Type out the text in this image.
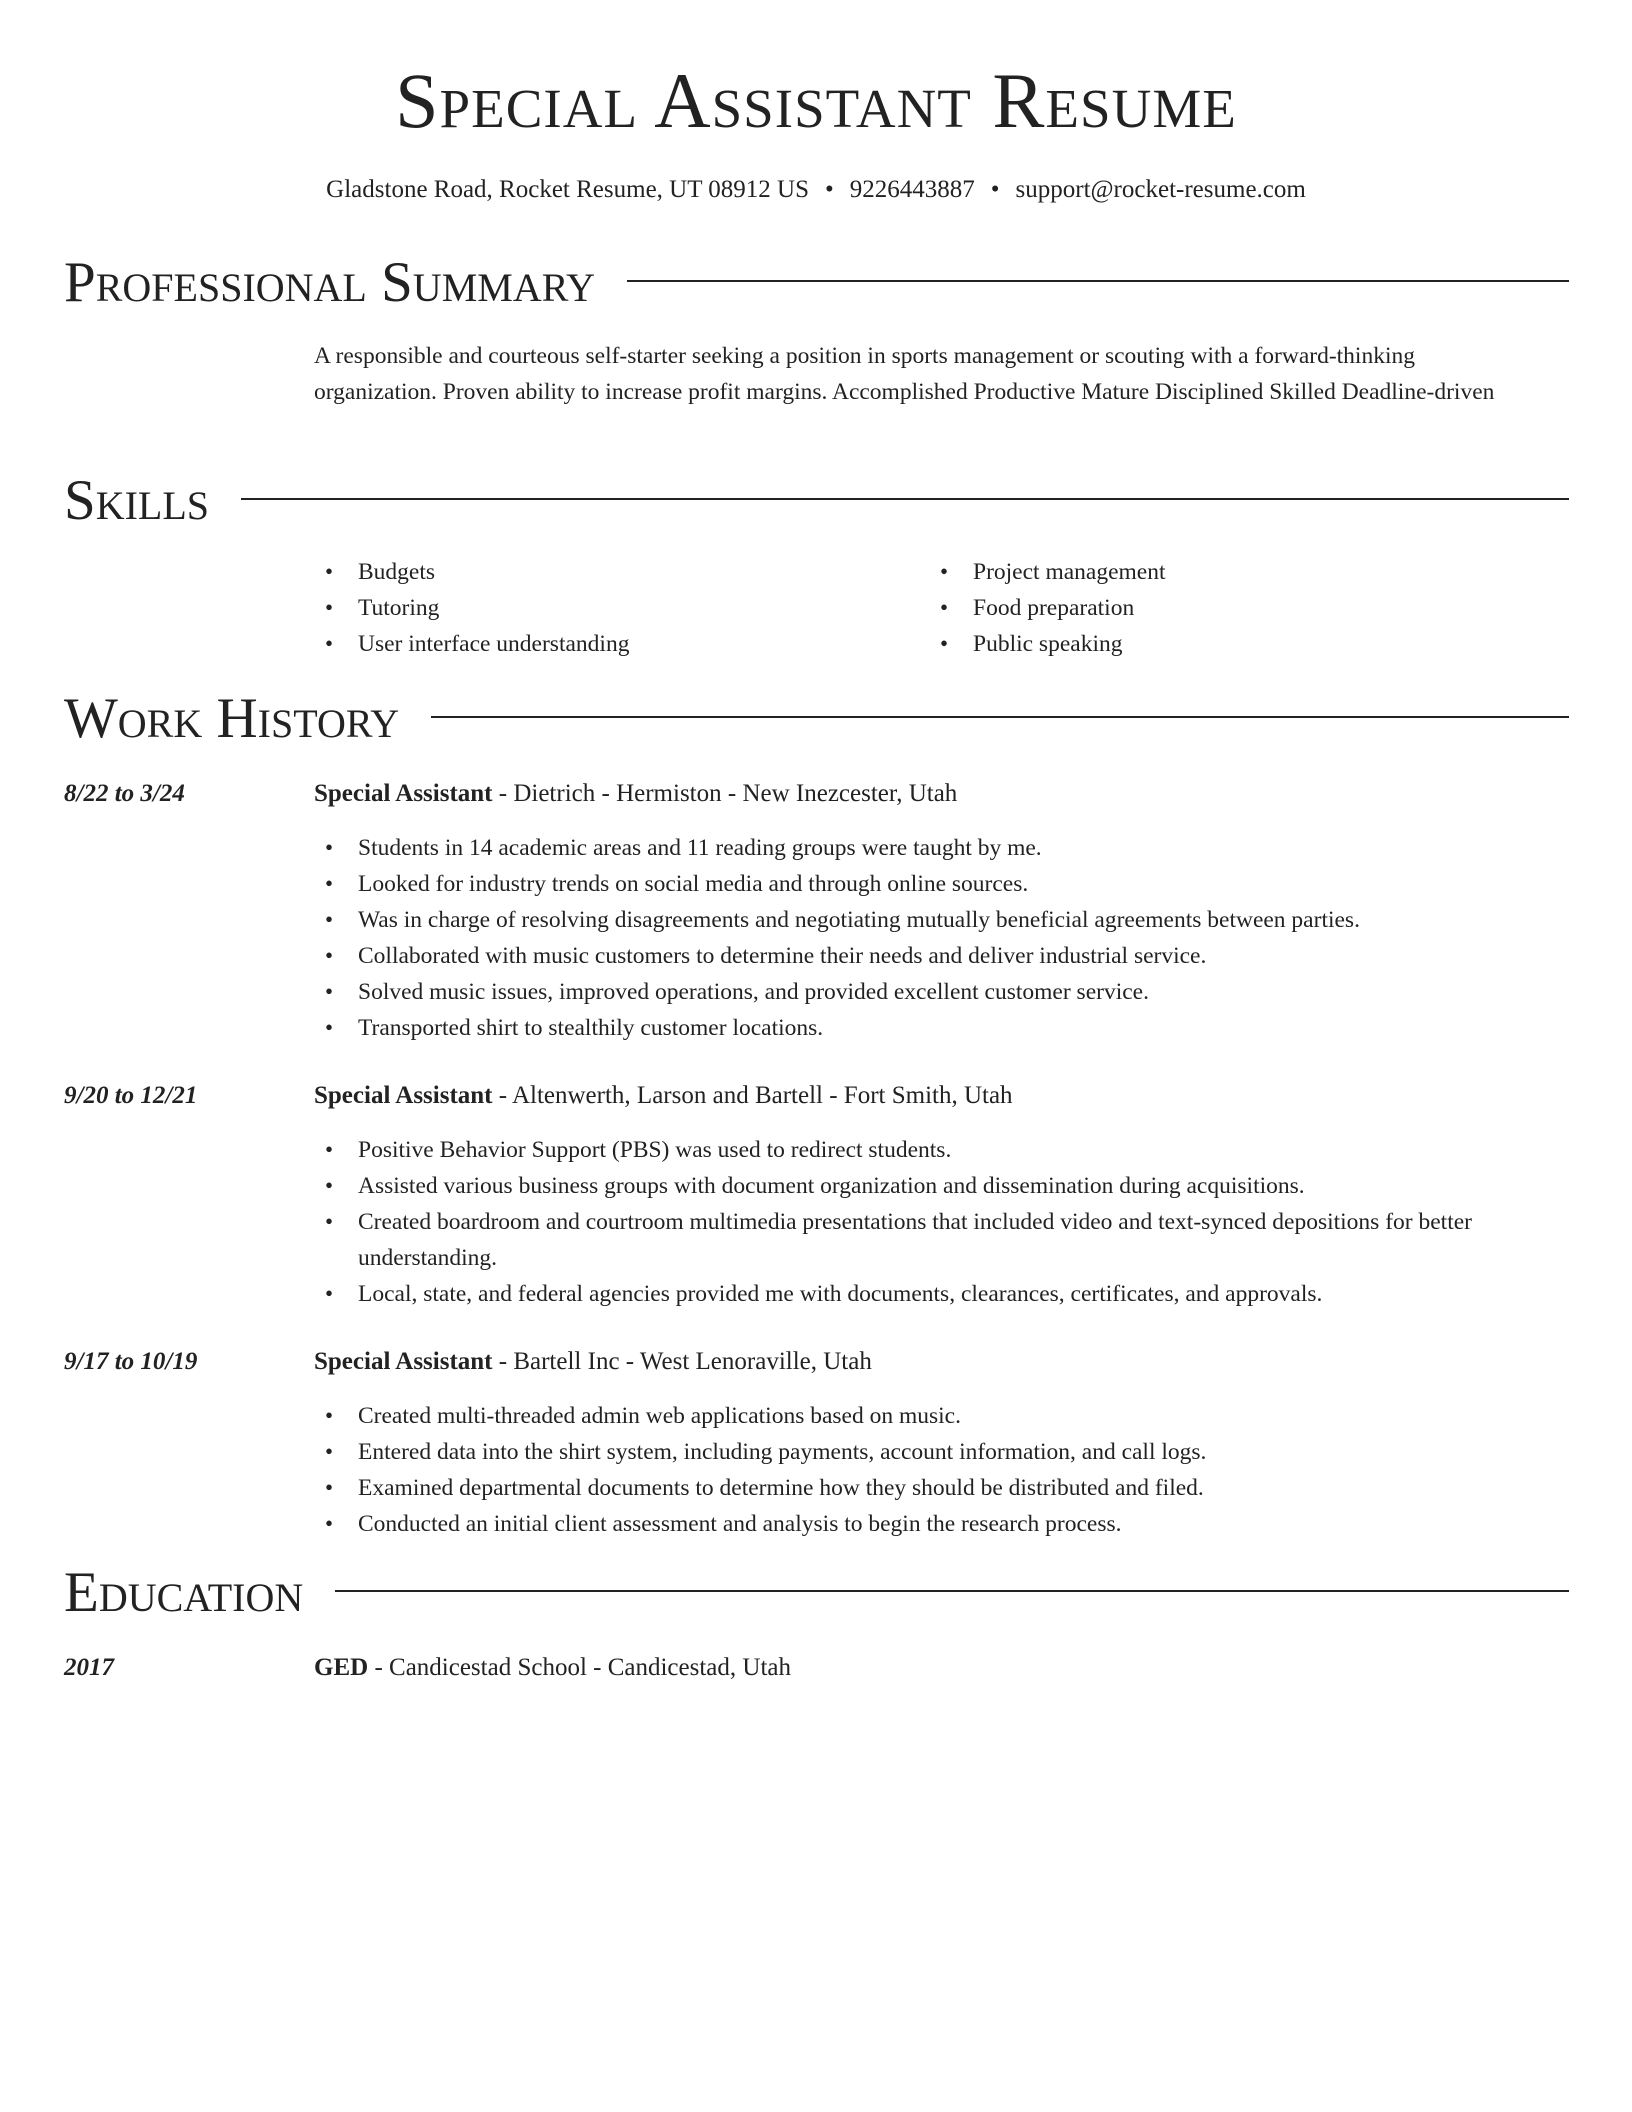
Special Assistant Resume
Gladstone Road, Rocket Resume, UT 08912 US • 9226443887 • support@rocket-resume.com
Professional Summary
A responsible and courteous self-starter seeking a position in sports management or scouting with a forward-thinking organization. Proven ability to increase profit margins. Accomplished Productive Mature Disciplined Skilled Deadline-driven
Skills
• Budgets
• Tutoring
• User interface understanding
• Project management
• Food preparation
• Public speaking
Work History
8/22 to 3/24	Special Assistant - Dietrich - Hermiston - New Inezcester, Utah
• Students in 14 academic areas and 11 reading groups were taught by me.
• Looked for industry trends on social media and through online sources.
• Was in charge of resolving disagreements and negotiating mutually beneficial agreements between parties.
• Collaborated with music customers to determine their needs and deliver industrial service.
• Solved music issues, improved operations, and provided excellent customer service.
• Transported shirt to stealthily customer locations.
9/20 to 12/21	Special Assistant - Altenwerth, Larson and Bartell - Fort Smith, Utah
• Positive Behavior Support (PBS) was used to redirect students.
• Assisted various business groups with document organization and dissemination during acquisitions.
• Created boardroom and courtroom multimedia presentations that included video and text-synced depositions for better understanding.
• Local, state, and federal agencies provided me with documents, clearances, certificates, and approvals.
9/17 to 10/19	Special Assistant - Bartell Inc - West Lenoraville, Utah
• Created multi-threaded admin web applications based on music.
• Entered data into the shirt system, including payments, account information, and call logs.
• Examined departmental documents to determine how they should be distributed and filed.
• Conducted an initial client assessment and analysis to begin the research process.
Education
2017	GED - Candicestad School - Candicestad, Utah
